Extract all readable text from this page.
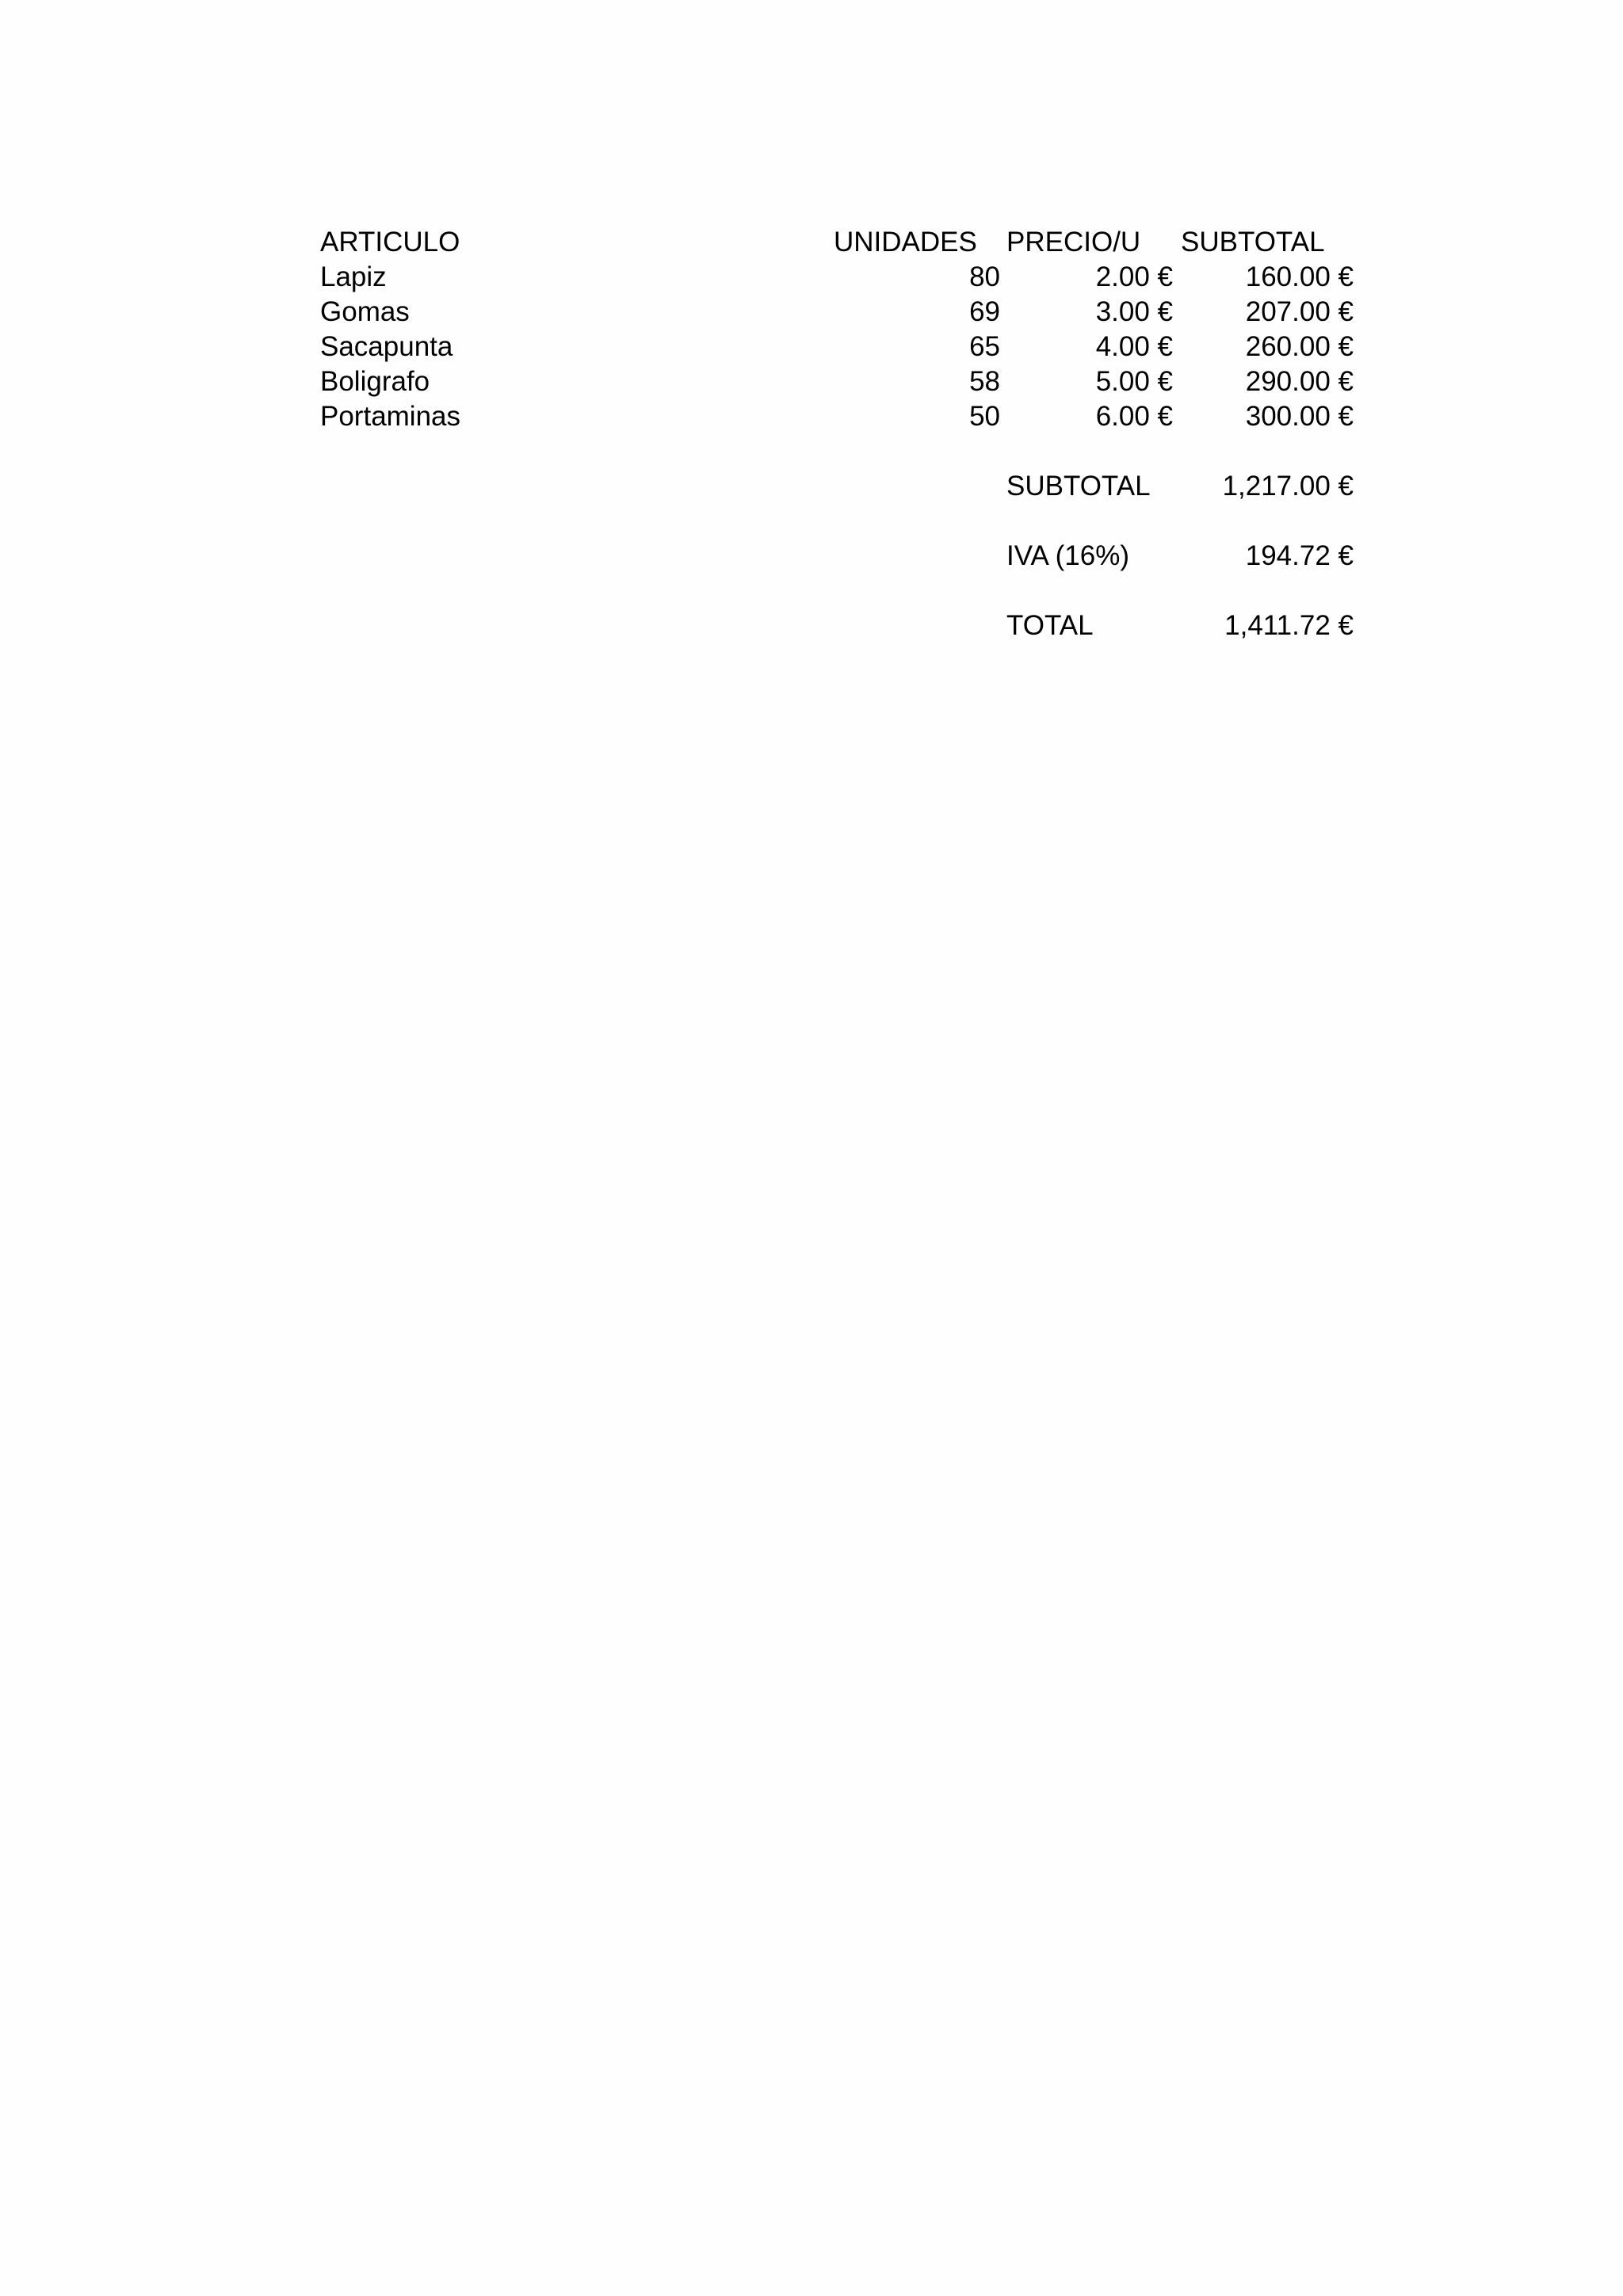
ARTICULO	UNIDADES	PRECIO/U	SUBTOTAL
Lapiz	80	2.00 €	160.00 €
Gomas	69	3.00 €	207.00 €
Sacapunta	65	4.00 €	260.00 €
Boligrafo	58	5.00 €	290.00 €
Portaminas	50	6.00 €	300.00 €
SUBTOTAL	1,217.00 €
IVA (16%)	194.72 €
TOTAL	1,411.72 €
